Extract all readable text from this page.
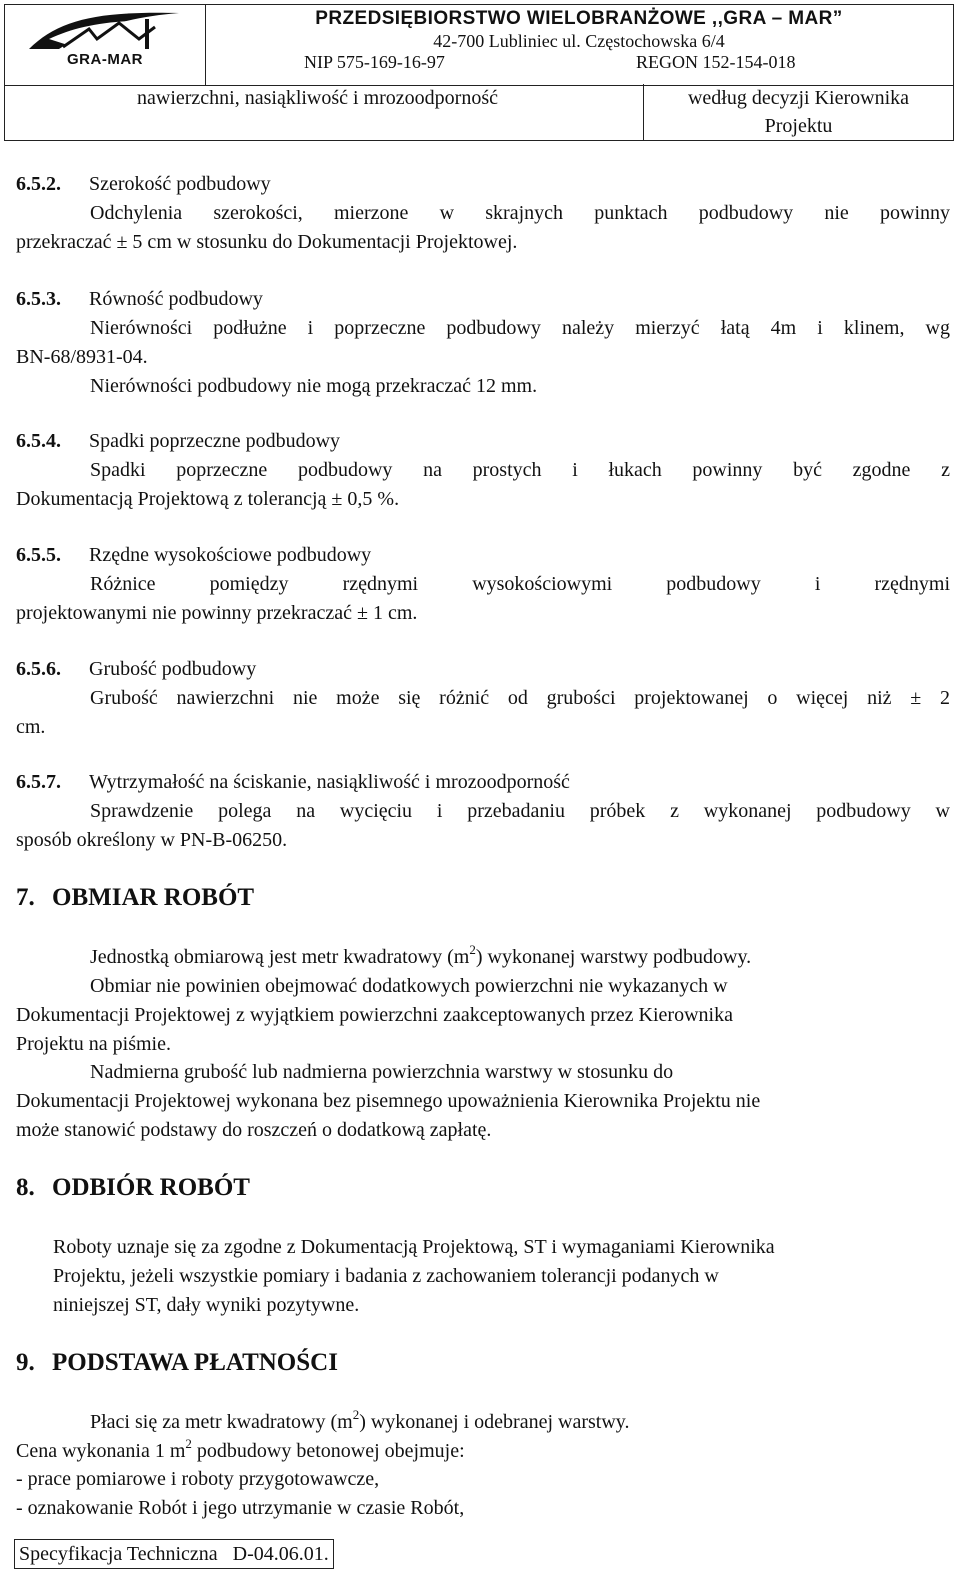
GRA-MAR
PRZEDSIĘBIORSTWO WIELOBRANŻOWE ,,GRA – MAR”
42-700 Lubliniec ul. Częstochowska 6/4
NIP 575-169-16-97	REGON 152-154-018
nawierzchni, nasiąkliwość i mrozoodporność	według decyzji Kierownika
Projektu
6.5.2. Szerokość podbudowy
Odchylenia szerokości, mierzone w skrajnych punktach podbudowy nie powinny
przekraczać ± 5 cm w stosunku do Dokumentacji Projektowej.
6.5.3. Równość podbudowy
Nierówności podłużne i poprzeczne podbudowy należy mierzyć łatą 4m i klinem, wg
BN-68/8931-04.
Nierówności podbudowy nie mogą przekraczać 12 mm.
6.5.4. Spadki poprzeczne podbudowy
Spadki poprzeczne podbudowy na prostych i łukach powinny być zgodne z
Dokumentacją Projektową z tolerancją ± 0,5 %.
6.5.5. Rzędne wysokościowe podbudowy
Różnice pomiędzy rzędnymi wysokościowymi podbudowy i rzędnymi
projektowanymi nie powinny przekraczać ± 1 cm.
6.5.6. Grubość podbudowy
Grubość nawierzchni nie może się różnić od grubości projektowanej o więcej niż ± 2
cm.
6.5.7. Wytrzymałość na ściskanie, nasiąkliwość i mrozoodporność
Sprawdzenie polega na wycięciu i przebadaniu próbek z wykonanej podbudowy w
sposób określony w PN-B-06250.
7. OBMIAR ROBÓT
Jednostką obmiarową jest metr kwadratowy $(m^2)$ wykonanej warstwy podbudowy.
Obmiar nie powinien obejmować dodatkowych powierzchni nie wykazanych w
Dokumentacji Projektowej z wyjątkiem powierzchni zaakceptowanych przez Kierownika
Projektu na piśmie.
Nadmierna grubość lub nadmierna powierzchnia warstwy w stosunku do
Dokumentacji Projektowej wykonana bez pisemnego upoważnienia Kierownika Projektu nie
może stanowić podstawy do roszczeń o dodatkową zapłatę.
8. ODBIÓR ROBÓT
Roboty uznaje się za zgodne z Dokumentacją Projektową, ST i wymaganiami Kierownika
Projektu, jeżeli wszystkie pomiary i badania z zachowaniem tolerancji podanych w
niniejszej ST, dały wyniki pozytywne.
9. PODSTAWA PŁATNOŚCI
Płaci się za metr kwadratowy $(m^2)$ wykonanej i odebranej warstwy.
Cena wykonania 1 $m^2$ podbudowy betonowej obejmuje:
- prace pomiarowe i roboty przygotowawcze,
- oznakowanie Robót i jego utrzymanie w czasie Robót,
Specyfikacja Techniczna   D-04.06.01.
